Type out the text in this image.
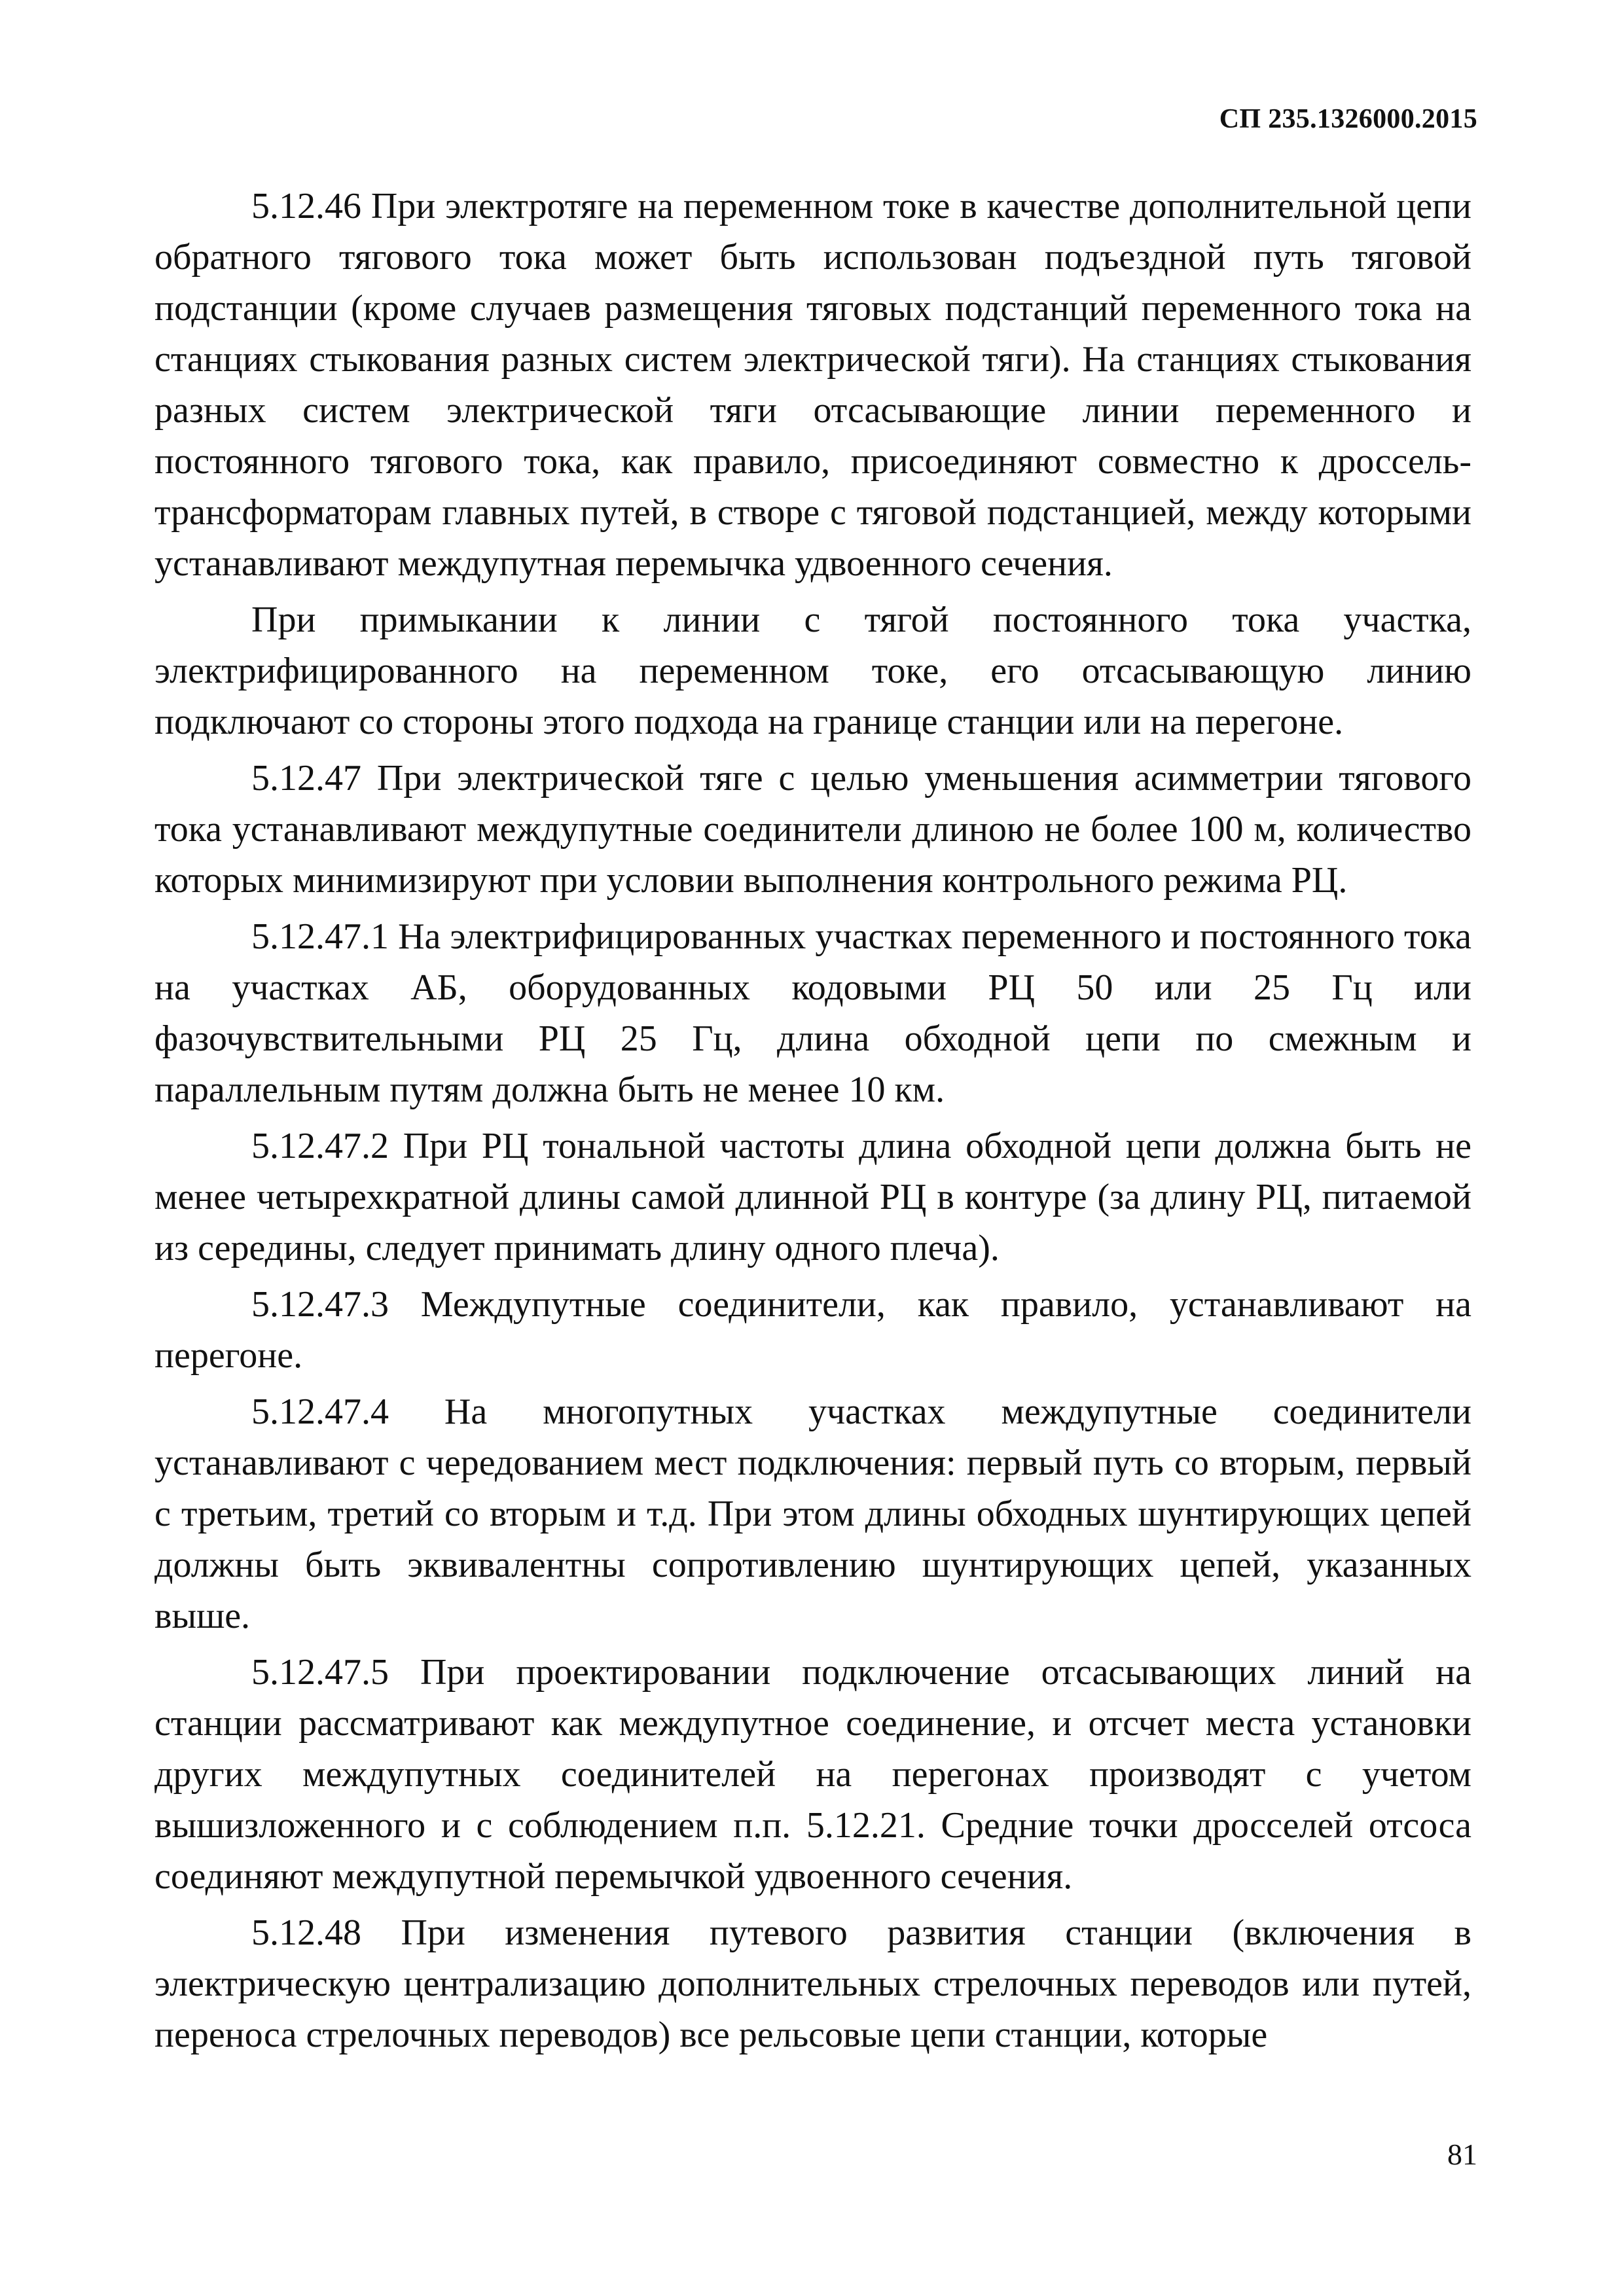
СП 235.1326000.2015

5.12.46 При электротяге на переменном токе в качестве дополнительной цепи обратного тягового тока может быть использован подъездной путь тяговой подстанции (кроме случаев размещения тяговых подстанций переменного тока на станциях стыкования разных систем электрической тяги). На станциях стыкования разных систем электрической тяги отсасывающие линии переменного и постоянного тягового тока, как правило, присоединяют совместно к дроссель-трансформаторам главных путей, в створе с тяговой подстанцией, между которыми устанавливают междупутная перемычка удвоенного сечения.

При примыкании к линии с тягой постоянного тока участка, электрифицированного на переменном токе, его отсасывающую линию подключают со стороны этого подхода на границе станции или на перегоне.

5.12.47 При электрической тяге с целью уменьшения асимметрии тягового тока устанавливают междупутные соединители длиною не более 100 м, количество которых минимизируют при условии выполнения контрольного режима РЦ.

5.12.47.1 На электрифицированных участках переменного и постоянного тока на участках АБ, оборудованных кодовыми РЦ 50 или 25 Гц или фазочувствительными РЦ 25 Гц, длина обходной цепи по смежным и параллельным путям должна быть не менее 10 км.

5.12.47.2 При РЦ тональной частоты длина обходной цепи должна быть не менее четырехкратной длины самой длинной РЦ в контуре (за длину РЦ, питаемой из середины, следует принимать длину одного плеча).

5.12.47.3 Междупутные соединители, как правило, устанавливают на перегоне.

5.12.47.4 На многопутных участках междупутные соединители устанавливают с чередованием мест подключения: первый путь со вторым, первый с третьим, третий со вторым и т.д. При этом длины обходных шунтирующих цепей должны быть эквивалентны сопротивлению шунтирующих цепей, указанных выше.

5.12.47.5 При проектировании подключение отсасывающих линий на станции рассматривают как междупутное соединение, и отсчет места установки других междупутных соединителей на перегонах производят с учетом вышизложенного и с соблюдением п.п. 5.12.21. Средние точки дросселей отсоса соединяют междупутной перемычкой удвоенного сечения.

5.12.48 При изменения путевого развития станции (включения в электрическую централизацию дополнительных стрелочных переводов или путей, переноса стрелочных переводов) все рельсовые цепи станции, которые

81
